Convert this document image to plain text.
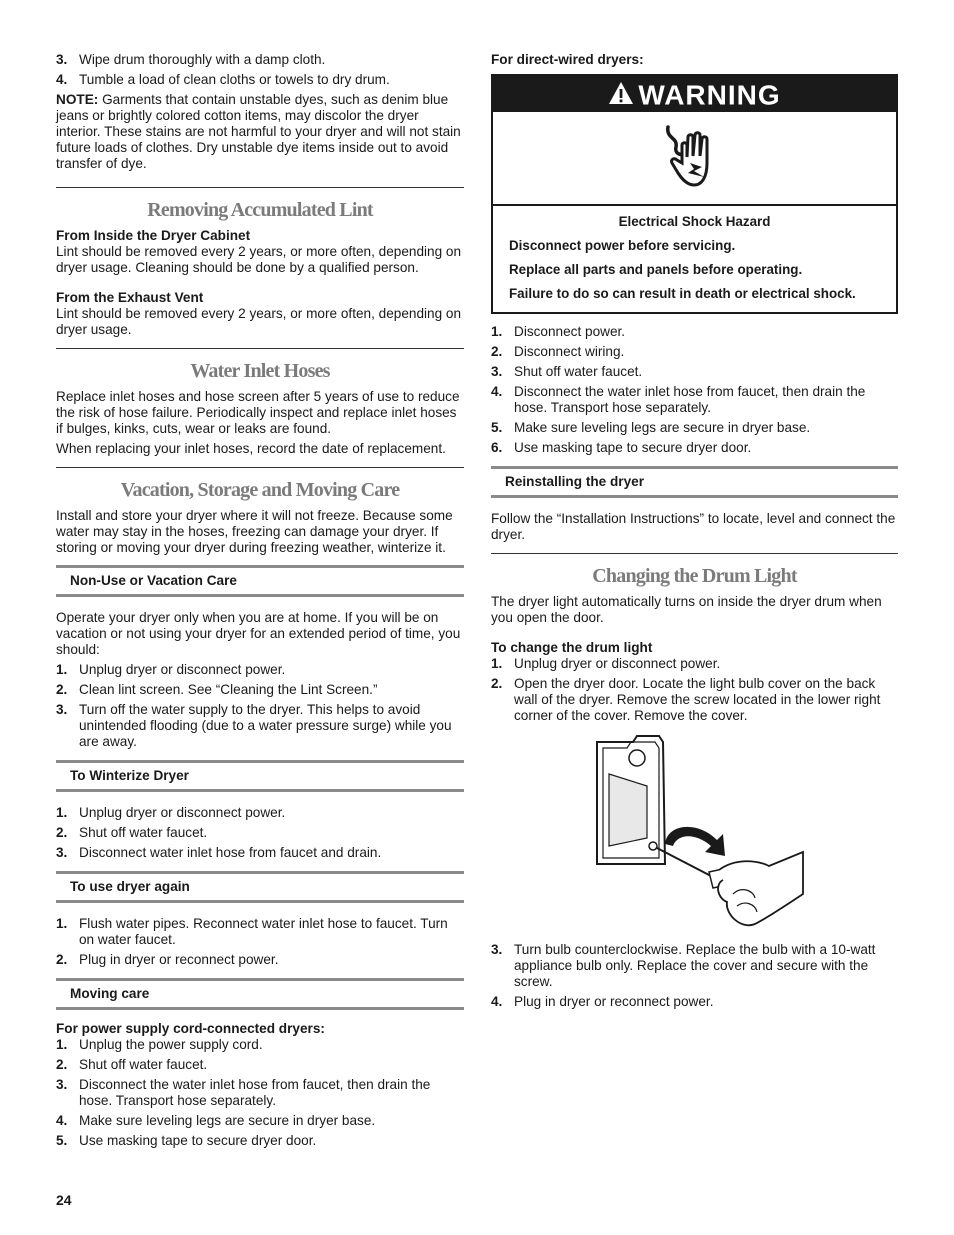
3. Wipe drum thoroughly with a damp cloth.
4. Tumble a load of clean cloths or towels to dry drum.

NOTE: Garments that contain unstable dyes, such as denim blue jeans or brightly colored cotton items, may discolor the dryer interior. These stains are not harmful to your dryer and will not stain future loads of clothes. Dry unstable dye items inside out to avoid transfer of dye.

Removing Accumulated Lint

From Inside the Dryer Cabinet

Lint should be removed every 2 years, or more often, depending on dryer usage. Cleaning should be done by a qualified person.

From the Exhaust Vent

Lint should be removed every 2 years, or more often, depending on dryer usage.

Water Inlet Hoses

Replace inlet hoses and hose screen after 5 years of use to reduce the risk of hose failure. Periodically inspect and replace inlet hoses if bulges, kinks, cuts, wear or leaks are found.

When replacing your inlet hoses, record the date of replacement.

Vacation, Storage and Moving Care

Install and store your dryer where it will not freeze. Because some water may stay in the hoses, freezing can damage your dryer. If storing or moving your dryer during freezing weather, winterize it.

Non-Use or Vacation Care

Operate your dryer only when you are at home. If you will be on vacation or not using your dryer for an extended period of time, you should:

1. Unplug dryer or disconnect power.
2. Clean lint screen. See “Cleaning the Lint Screen.”
3. Turn off the water supply to the dryer. This helps to avoid unintended flooding (due to a water pressure surge) while you are away.
To Winterize Dryer
1. Unplug dryer or disconnect power.
2. Shut off water faucet.
3. Disconnect water inlet hose from faucet and drain.
To use dryer again
1. Flush water pipes. Reconnect water inlet hose to faucet. Turn on water faucet.
2. Plug in dryer or reconnect power.
Moving care

For power supply cord-connected dryers:

1. Unplug the power supply cord.
2. Shut off water faucet.
3. Disconnect the water inlet hose from faucet, then drain the hose. Transport hose separately.
4. Make sure leveling legs are secure in dryer base.
5. Use masking tape to secure dryer door.

For direct-wired dryers:

WARNING

Electrical Shock Hazard

Disconnect power before servicing.

Replace all parts and panels before operating.

Failure to do so can result in death or electrical shock.

1. Disconnect power.
2. Disconnect wiring.
3. Shut off water faucet.
4. Disconnect the water inlet hose from faucet, then drain the hose. Transport hose separately.
5. Make sure leveling legs are secure in dryer base.
6. Use masking tape to secure dryer door.
Reinstalling the dryer

Follow the “Installation Instructions” to locate, level and connect the dryer.

Changing the Drum Light

The dryer light automatically turns on inside the dryer drum when you open the door.

To change the drum light

1. Unplug dryer or disconnect power.
2. Open the dryer door. Locate the light bulb cover on the back wall of the dryer. Remove the screw located in the lower right corner of the cover. Remove the cover.
3. Turn bulb counterclockwise. Replace the bulb with a 10-watt appliance bulb only. Replace the cover and secure with the screw.
4. Plug in dryer or reconnect power.
24
